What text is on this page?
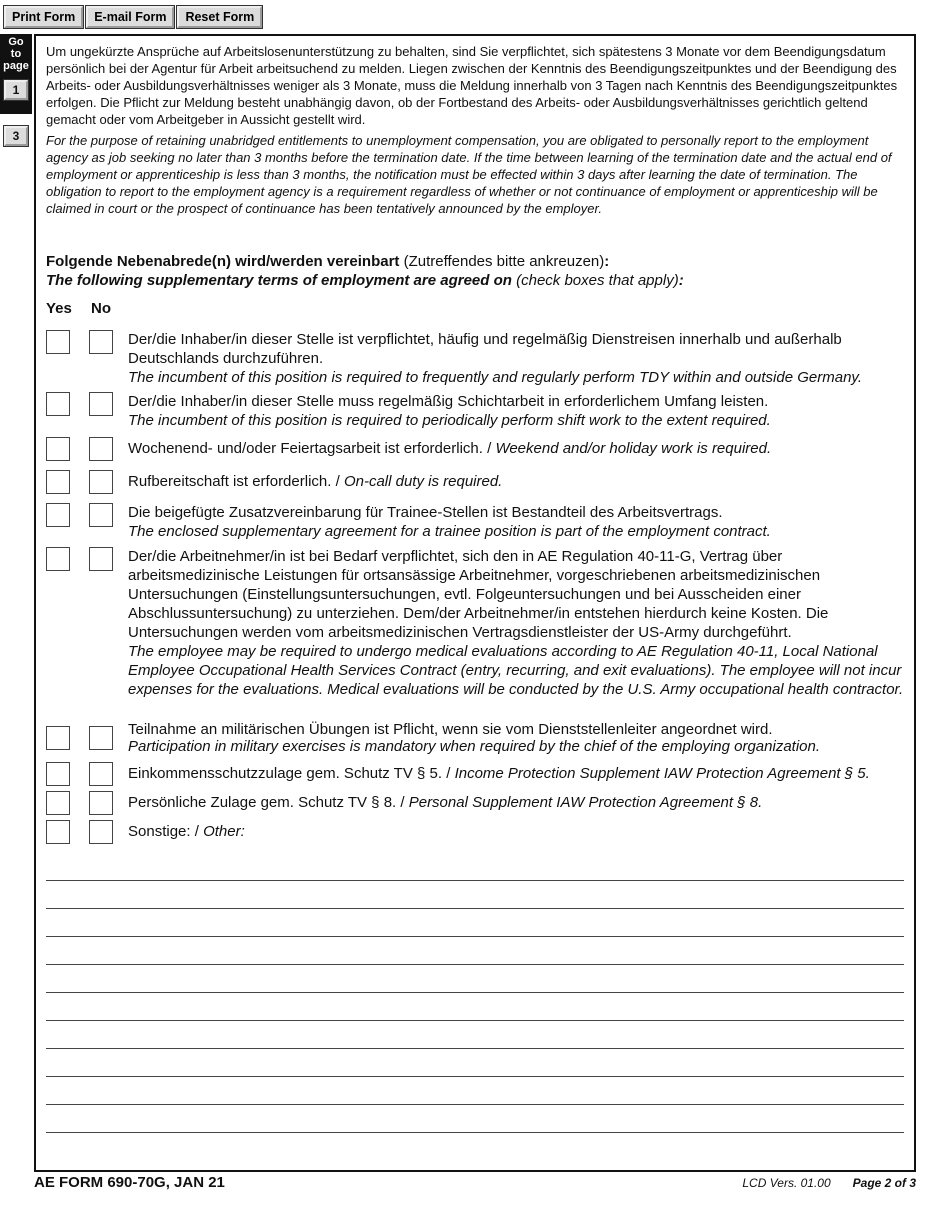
Print Form	E-mail Form	Reset Form
Go
to
page
1
3

Um ungekürzte Ansprüche auf Arbeitslosenunterstützung zu behalten, sind Sie verpflichtet, sich spätestens 3 Monate vor dem Beendigungsdatum persönlich bei der Agentur für Arbeit arbeitsuchend zu melden. Liegen zwischen der Kenntnis des Beendigungszeitpunktes und der Beendigung des Arbeits- oder Ausbildungsverhältnisses weniger als 3 Monate, muss die Meldung innerhalb von 3 Tagen nach Kenntnis des Beendigungszeitpunktes erfolgen. Die Pflicht zur Meldung besteht unabhängig davon, ob der Fortbestand des Arbeits- oder Ausbildungsverhältnisses gerichtlich geltend gemacht oder vom Arbeitgeber in Aussicht gestellt wird.

For the purpose of retaining unabridged entitlements to unemployment compensation, you are obligated to personally report to the employment agency as job seeking no later than 3 months before the termination date. If the time between learning of the termination date and the actual end of employment or apprenticeship is less than 3 months, the notification must be effected within 3 days after learning the date of termination. The obligation to report to the employment agency is a requirement regardless of whether or not continuance of employment or apprenticeship will be claimed in court or the prospect of continuance has been tentatively announced by the employer.

Folgende Nebenabrede(n) wird/werden vereinbart (Zutreffendes bitte ankreuzen):
The following supplementary terms of employment are agreed on (check boxes that apply):
Yes No
Der/die Inhaber/in dieser Stelle ist verpflichtet, häufig und regelmäßig Dienstreisen innerhalb und außerhalb Deutschlands durchzuführen.
The incumbent of this position is required to frequently and regularly perform TDY within and outside Germany.
Der/die Inhaber/in dieser Stelle muss regelmäßig Schichtarbeit in erforderlichem Umfang leisten.
The incumbent of this position is required to periodically perform shift work to the extent required.
Wochenend- und/oder Feiertagsarbeit ist erforderlich. / Weekend and/or holiday work is required.
Rufbereitschaft ist erforderlich. / On-call duty is required.
Die beigefügte Zusatzvereinbarung für Trainee-Stellen ist Bestandteil des Arbeitsvertrags.
The enclosed supplementary agreement for a trainee position is part of the employment contract.
Der/die Arbeitnehmer/in ist bei Bedarf verpflichtet, sich den in AE Regulation 40-11-G, Vertrag über arbeitsmedizinische Leistungen für ortsansässige Arbeitnehmer, vorgeschriebenen arbeitsmedizinischen Untersuchungen (Einstellungsuntersuchungen, evtl. Folgeuntersuchungen und bei Ausscheiden einer Abschlussuntersuchung) zu unterziehen. Dem/der Arbeitnehmer/in entstehen hierdurch keine Kosten. Die Untersuchungen werden vom arbeitsmedizinischen Vertragsdienstleister der US-Army durchgeführt.
The employee may be required to undergo medical evaluations according to AE Regulation 40-11, Local National Employee Occupational Health Services Contract (entry, recurring, and exit evaluations). The employee will not incur expenses for the evaluations. Medical evaluations will be conducted by the U.S. Army occupational health contractor.
Teilnahme an militärischen Übungen ist Pflicht, wenn sie vom Dienststellenleiter angeordnet wird.
Participation in military exercises is mandatory when required by the chief of the employing organization.
Einkommensschutzzulage gem. Schutz TV § 5. / Income Protection Supplement IAW Protection Agreement § 5.
Persönliche Zulage gem. Schutz TV § 8. / Personal Supplement IAW Protection Agreement § 8.
Sonstige: / Other:
AE FORM 690-70G, JAN 21	LCD Vers. 01.00 Page 2 of 3
